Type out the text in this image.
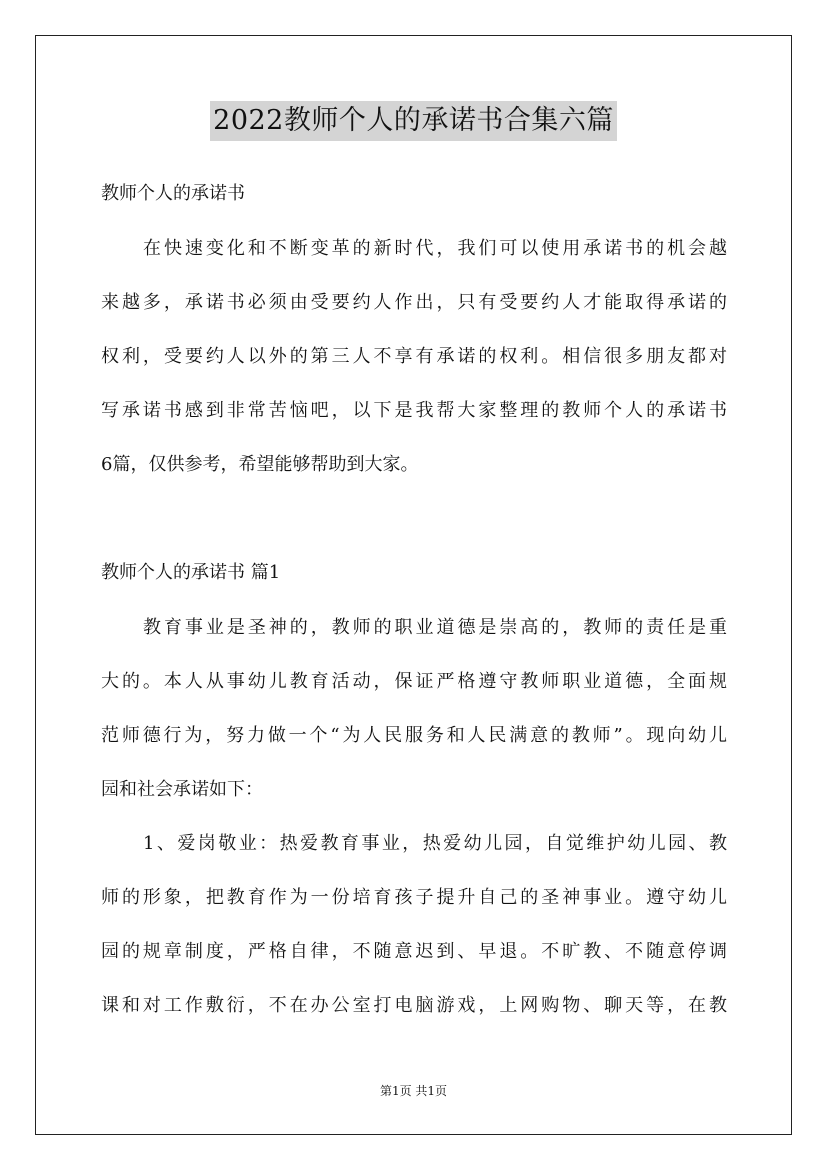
2022教师个人的承诺书合集六篇
教师个人的承诺书
在快速变化和不断变革的新时代，我们可以使用承诺书的机会越
来越多，承诺书必须由受要约人作出，只有受要约人才能取得承诺的
权利，受要约人以外的第三人不享有承诺的权利。相信很多朋友都对
写承诺书感到非常苦恼吧，以下是我帮大家整理的教师个人的承诺书
6篇，仅供参考，希望能够帮助到大家。
教师个人的承诺书 篇1
教育事业是圣神的，教师的职业道德是崇高的，教师的责任是重
大的。本人从事幼儿教育活动，保证严格遵守教师职业道德，全面规
范师德行为，努力做一个“为人民服务和人民满意的教师”。现向幼儿
园和社会承诺如下：
1、爱岗敬业：热爱教育事业，热爱幼儿园，自觉维护幼儿园、教
师的形象，把教育作为一份培育孩子提升自己的圣神事业。遵守幼儿
园的规章制度，严格自律，不随意迟到、早退。不旷教、不随意停调
课和对工作敷衍，不在办公室打电脑游戏，上网购物、聊天等，在教
第1页 共1页
